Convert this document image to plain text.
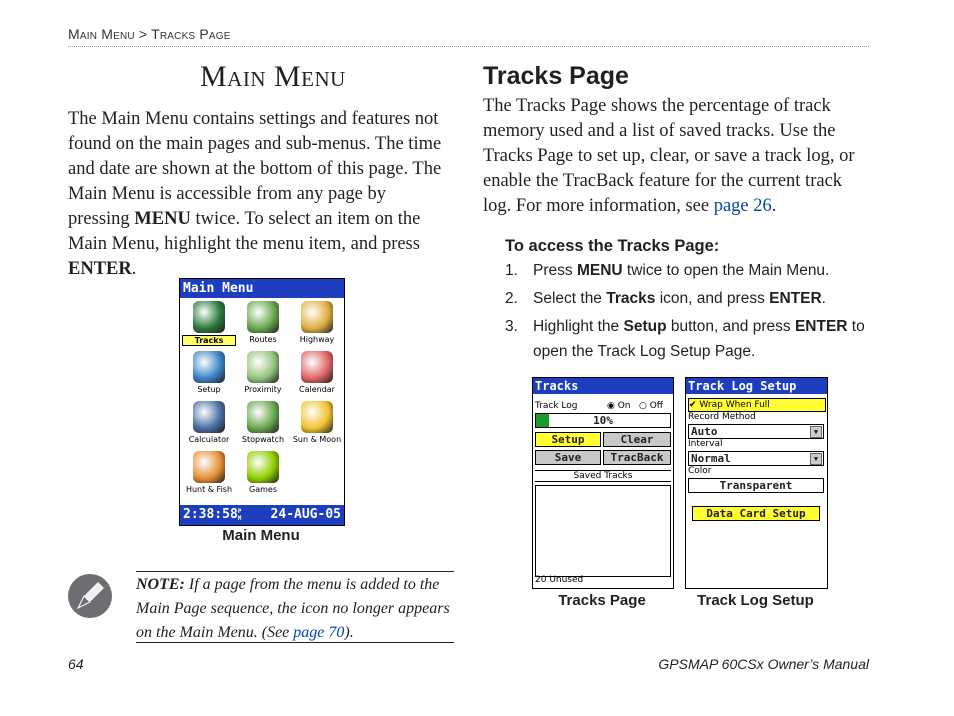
Main Menu > Tracks Page
Main Menu
The Main Menu contains settings and features not found on the main pages and sub-menus. The time and date are shown at the bottom of this page. The Main Menu is accessible from any page by pressing MENU twice. To select an item on the Main Menu, highlight the menu item, and press ENTER.
Main Menu
Tracks	Routes	Highway
Setup	Proximity	Calendar
Calculator	Stopwatch	Sun & Moon
Hunt & Fish	Games
2:38:58P
M 24-AUG-05
Main Menu
NOTE: If a page from the menu is added to the Main Page sequence, the icon no longer appears on the Main Menu. (See page 70).
Tracks Page
The Tracks Page shows the percentage of track memory used and a list of saved tracks. Use the Tracks Page to set up, clear, or save a track log, or enable the TracBack feature for the current track log. For more information, see page 26.
To access the Tracks Page:
1. Press MENU twice to open the Main Menu.
2. Select the Tracks icon, and press ENTER.
3. Highlight the Setup button, and press ENTER to open the Track Log Setup Page.
Tracks
Track Log	◉ On ○ Off
10%
Setup	Clear
Save	TracBack
Saved Tracks
20 Unused
Tracks Page
Track Log Setup
✔ Wrap When Full
Record Method
Auto	▼
Interval
Normal	▼
Color
Transparent
Data Card Setup
Track Log Setup
64	GPSMAP 60CSx Owner’s Manual
